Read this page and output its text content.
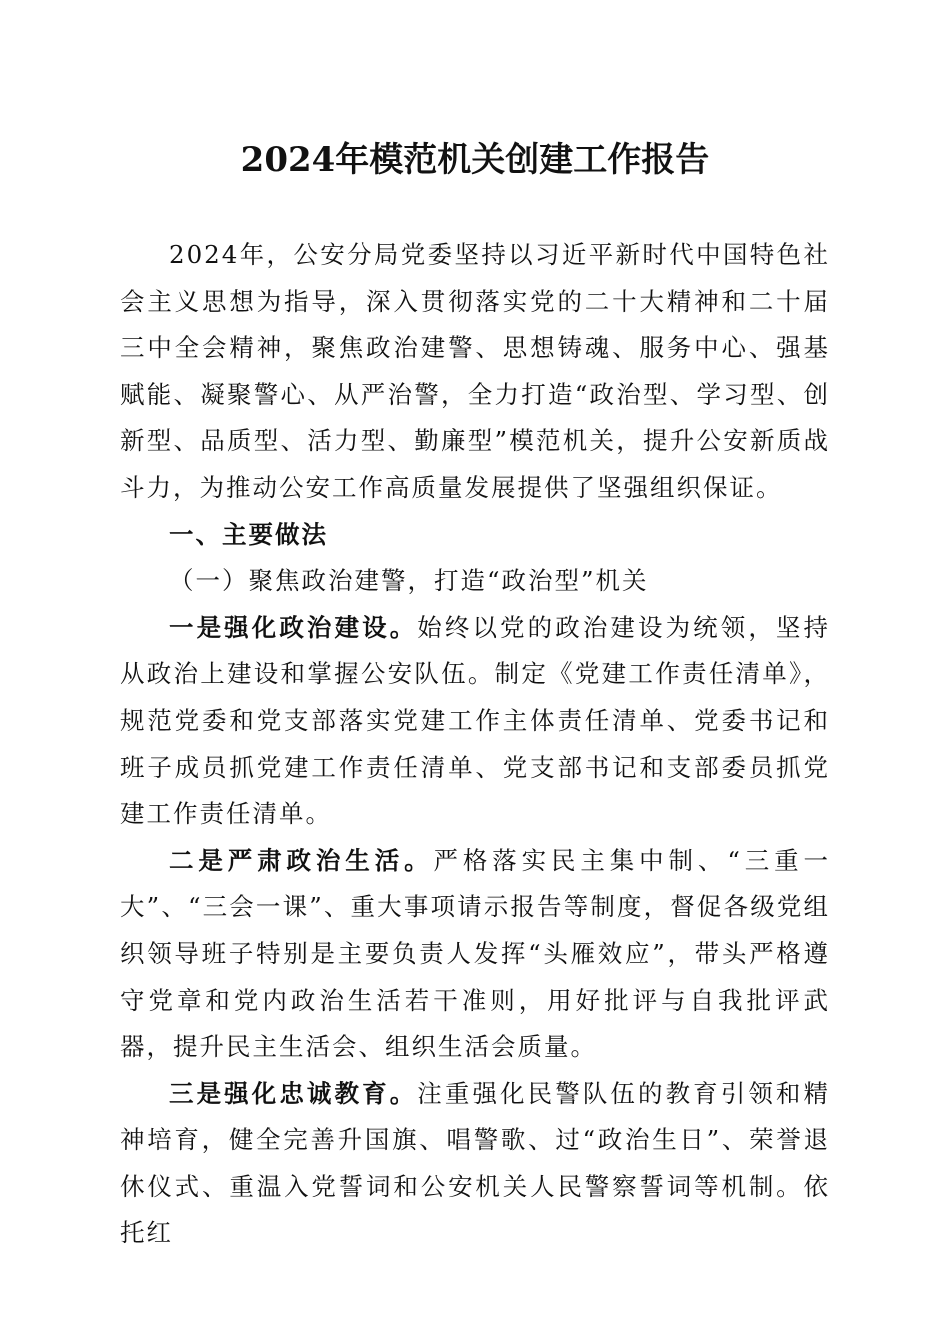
2024年模范机关创建工作报告

2024年，公安分局党委坚持以习近平新时代中国特色社会主义思想为指导，深入贯彻落实党的二十大精神和二十届三中全会精神，聚焦政治建警、思想铸魂、服务中心、强基赋能、凝聚警心、从严治警，全力打造“政治型、学习型、创新型、品质型、活力型、勤廉型”模范机关，提升公安新质战斗力，为推动公安工作高质量发展提供了坚强组织保证。

一、主要做法

（一）聚焦政治建警，打造“政治型”机关

一是强化政治建设。始终以党的政治建设为统领，坚持从政治上建设和掌握公安队伍。制定《党建工作责任清单》，规范党委和党支部落实党建工作主体责任清单、党委书记和班子成员抓党建工作责任清单、党支部书记和支部委员抓党建工作责任清单。

二是严肃政治生活。严格落实民主集中制、“三重一大”、“三会一课”、重大事项请示报告等制度，督促各级党组织领导班子特别是主要负责人发挥“头雁效应”，带头严格遵守党章和党内政治生活若干准则，用好批评与自我批评武器，提升民主生活会、组织生活会质量。

三是强化忠诚教育。注重强化民警队伍的教育引领和精神培育，健全完善升国旗、唱警歌、过“政治生日”、荣誉退休仪式、重温入党誓词和公安机关人民警察誓词等机制。依托红
